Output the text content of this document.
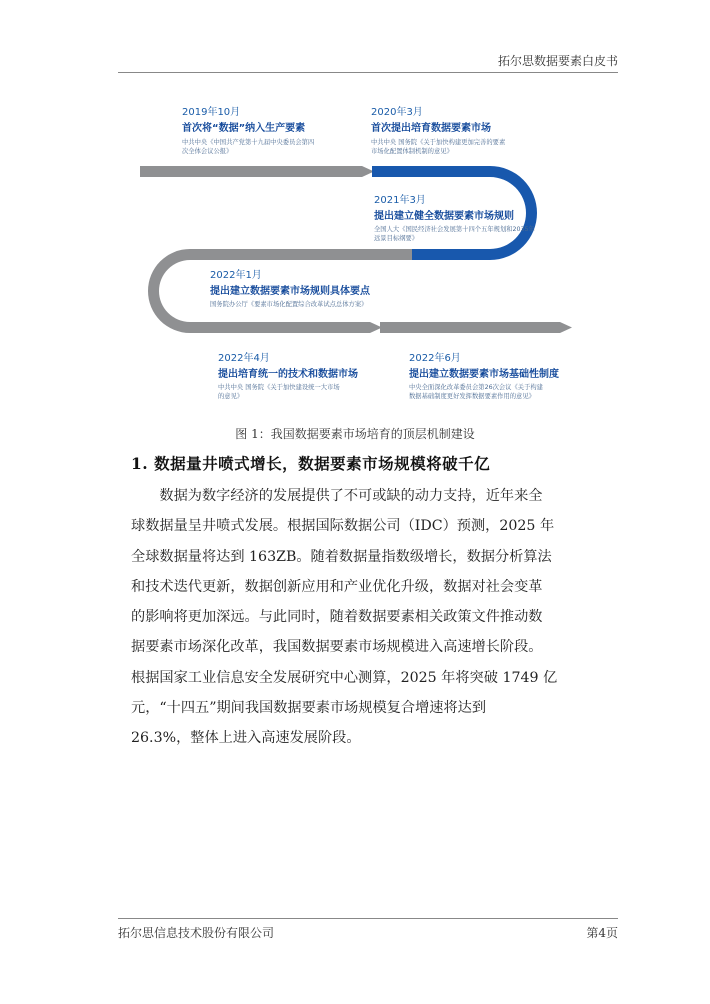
拓尔思数据要素白皮书
2019年10月
首次将“数据”纳入生产要素
中共中央《中国共产党第十九届中央委员会第四
次全体会议公报》
2020年3月
首次提出培育数据要素市场
中共中央 国务院《关于加快构建更加完善的要素
市场化配置体制机制的意见》
2021年3月
提出建立健全数据要素市场规则
全国人大《国民经济社会发展第十四个五年规划和2035年
远景目标纲要》
2022年1月
提出建立数据要素市场规则具体要点
国务院办公厅《要素市场化配置综合改革试点总体方案》
2022年4月
提出培育统一的技术和数据市场
中共中央 国务院《关于加快建设统一大市场
的意见》
2022年6月
提出建立数据要素市场基础性制度
中央全面深化改革委员会第26次会议《关于构建
数据基础制度更好发挥数据要素作用的意见》
图 1：我国数据要素市场培育的顶层机制建设
1. 数据量井喷式增长，数据要素市场规模将破千亿
　　数据为数字经济的发展提供了不可或缺的动力支持，近年来全
球数据量呈井喷式发展。根据国际数据公司（IDC）预测，2025 年
全球数据量将达到 163ZB。随着数据量指数级增长，数据分析算法
和技术迭代更新，数据创新应用和产业优化升级，数据对社会变革
的影响将更加深远。与此同时，随着数据要素相关政策文件推动数
据要素市场深化改革，我国数据要素市场规模进入高速增长阶段。
根据国家工业信息安全发展研究中心测算，2025 年将突破 1749 亿
元，“十四五”期间我国数据要素市场规模复合增速将达到
26.3%，整体上进入高速发展阶段。
拓尔思信息技术股份有限公司	第4页
